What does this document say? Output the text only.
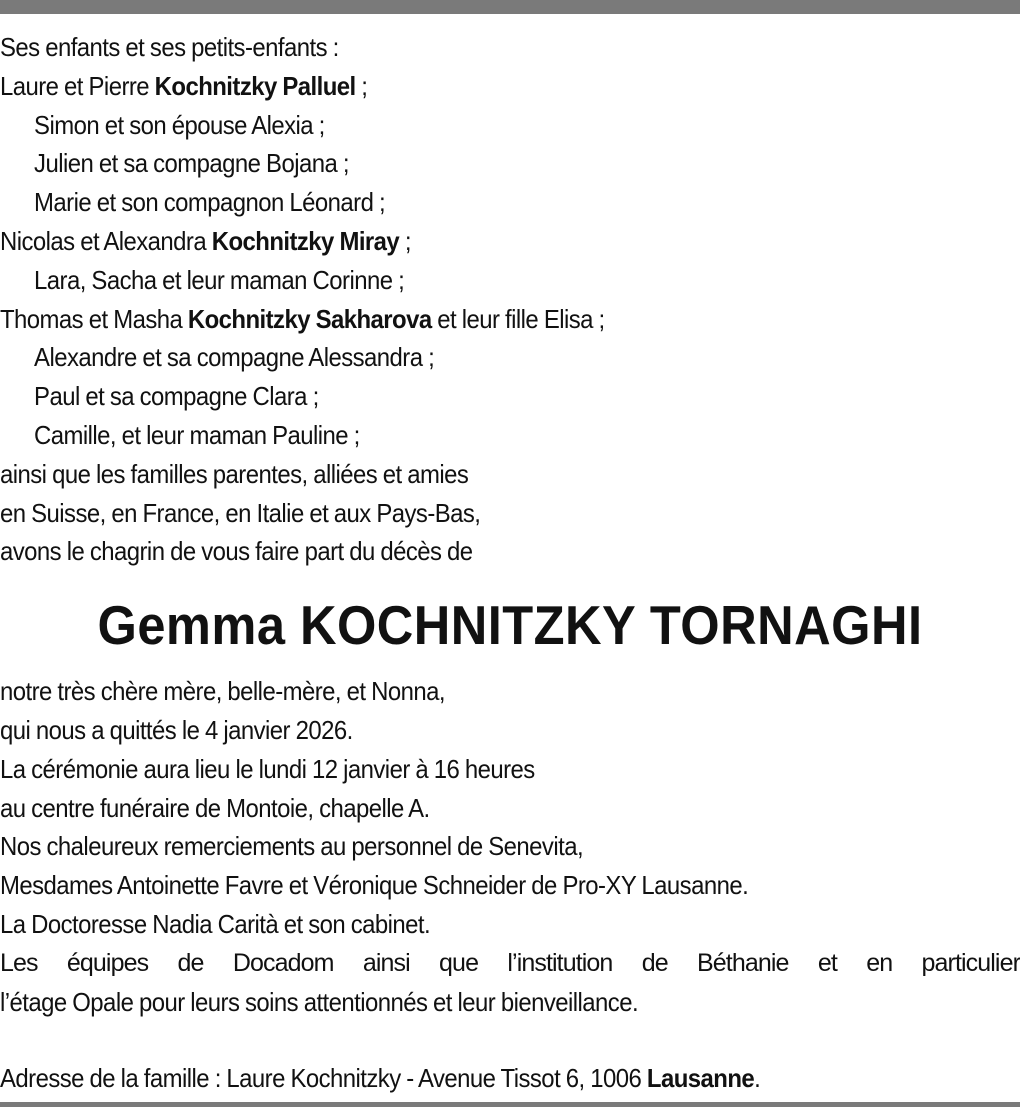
Ses enfants et ses petits-enfants :
Laure et Pierre Kochnitzky Palluel ;
Simon et son épouse Alexia ;
Julien et sa compagne Bojana ;
Marie et son compagnon Léonard ;
Nicolas et Alexandra Kochnitzky Miray ;
Lara, Sacha et leur maman Corinne ;
Thomas et Masha Kochnitzky Sakharova et leur fille Elisa ;
Alexandre et sa compagne Alessandra ;
Paul et sa compagne Clara ;
Camille, et leur maman Pauline ;
ainsi que les familles parentes, alliées et amies
en Suisse, en France, en Italie et aux Pays-Bas,
avons le chagrin de vous faire part du décès de
Gemma KOCHNITZKY TORNAGHI
notre très chère mère, belle-mère, et Nonna,
qui nous a quittés le 4 janvier 2026.
La cérémonie aura lieu le lundi 12 janvier à 16 heures
au centre funéraire de Montoie, chapelle A.
Nos chaleureux remerciements au personnel de Senevita,
Mesdames Antoinette Favre et Véronique Schneider de Pro-XY Lausanne.
La Doctoresse Nadia Carità et son cabinet.
Les équipes de Docadom ainsi que l’institution de Béthanie et en particulier
l’étage Opale pour leurs soins attentionnés et leur bienveillance.
Adresse de la famille : Laure Kochnitzky - Avenue Tissot 6, 1006 Lausanne.
